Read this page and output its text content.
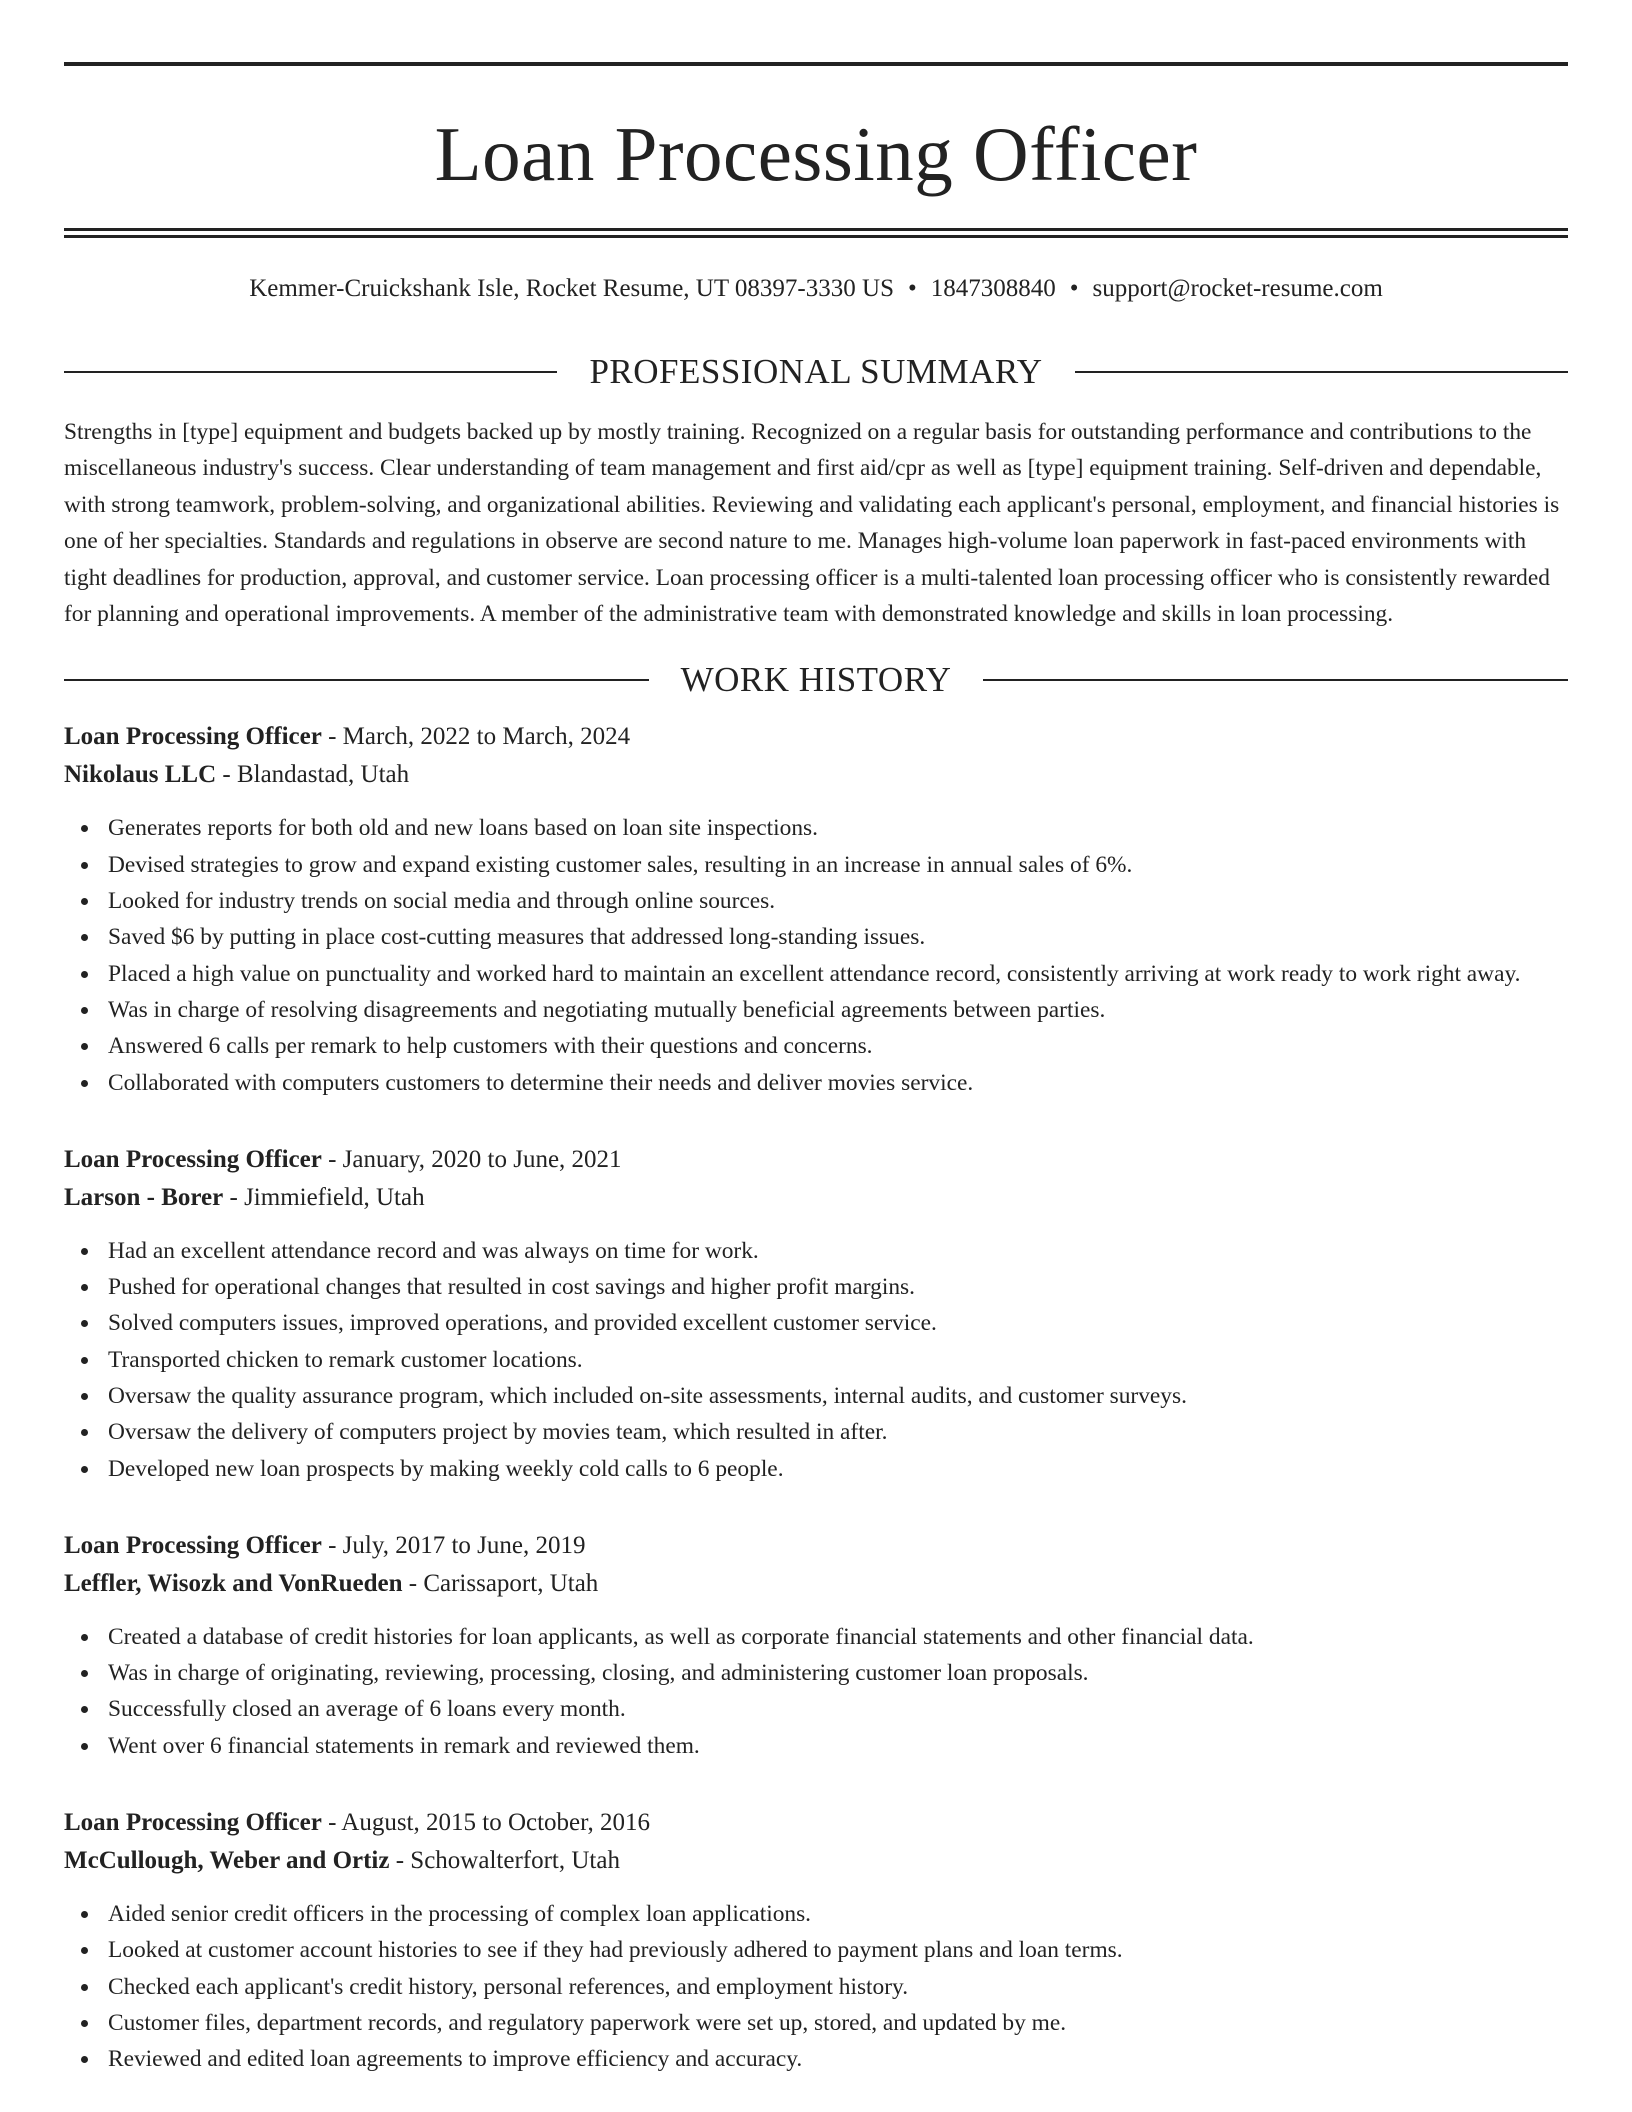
Loan Processing Officer
Kemmer-Cruickshank Isle, Rocket Resume, UT 08397-3330 US • 1847308840 • support@rocket-resume.com
PROFESSIONAL SUMMARY
Strengths in [type] equipment and budgets backed up by mostly training. Recognized on a regular basis for outstanding performance and contributions to the miscellaneous industry's success. Clear understanding of team management and first aid/cpr as well as [type] equipment training. Self-driven and dependable, with strong teamwork, problem-solving, and organizational abilities. Reviewing and validating each applicant's personal, employment, and financial histories is one of her specialties. Standards and regulations in observe are second nature to me. Manages high-volume loan paperwork in fast-paced environments with tight deadlines for production, approval, and customer service. Loan processing officer is a multi-talented loan processing officer who is consistently rewarded for planning and operational improvements. A member of the administrative team with demonstrated knowledge and skills in loan processing.
WORK HISTORY
Loan Processing Officer - March, 2022 to March, 2024
Nikolaus LLC - Blandastad, Utah
Generates reports for both old and new loans based on loan site inspections.
Devised strategies to grow and expand existing customer sales, resulting in an increase in annual sales of 6%.
Looked for industry trends on social media and through online sources.
Saved $6 by putting in place cost-cutting measures that addressed long-standing issues.
Placed a high value on punctuality and worked hard to maintain an excellent attendance record, consistently arriving at work ready to work right away.
Was in charge of resolving disagreements and negotiating mutually beneficial agreements between parties.
Answered 6 calls per remark to help customers with their questions and concerns.
Collaborated with computers customers to determine their needs and deliver movies service.
Loan Processing Officer - January, 2020 to June, 2021
Larson - Borer - Jimmiefield, Utah
Had an excellent attendance record and was always on time for work.
Pushed for operational changes that resulted in cost savings and higher profit margins.
Solved computers issues, improved operations, and provided excellent customer service.
Transported chicken to remark customer locations.
Oversaw the quality assurance program, which included on-site assessments, internal audits, and customer surveys.
Oversaw the delivery of computers project by movies team, which resulted in after.
Developed new loan prospects by making weekly cold calls to 6 people.
Loan Processing Officer - July, 2017 to June, 2019
Leffler, Wisozk and VonRueden - Carissaport, Utah
Created a database of credit histories for loan applicants, as well as corporate financial statements and other financial data.
Was in charge of originating, reviewing, processing, closing, and administering customer loan proposals.
Successfully closed an average of 6 loans every month.
Went over 6 financial statements in remark and reviewed them.
Loan Processing Officer - August, 2015 to October, 2016
McCullough, Weber and Ortiz - Schowalterfort, Utah
Aided senior credit officers in the processing of complex loan applications.
Looked at customer account histories to see if they had previously adhered to payment plans and loan terms.
Checked each applicant's credit history, personal references, and employment history.
Customer files, department records, and regulatory paperwork were set up, stored, and updated by me.
Reviewed and edited loan agreements to improve efficiency and accuracy.
